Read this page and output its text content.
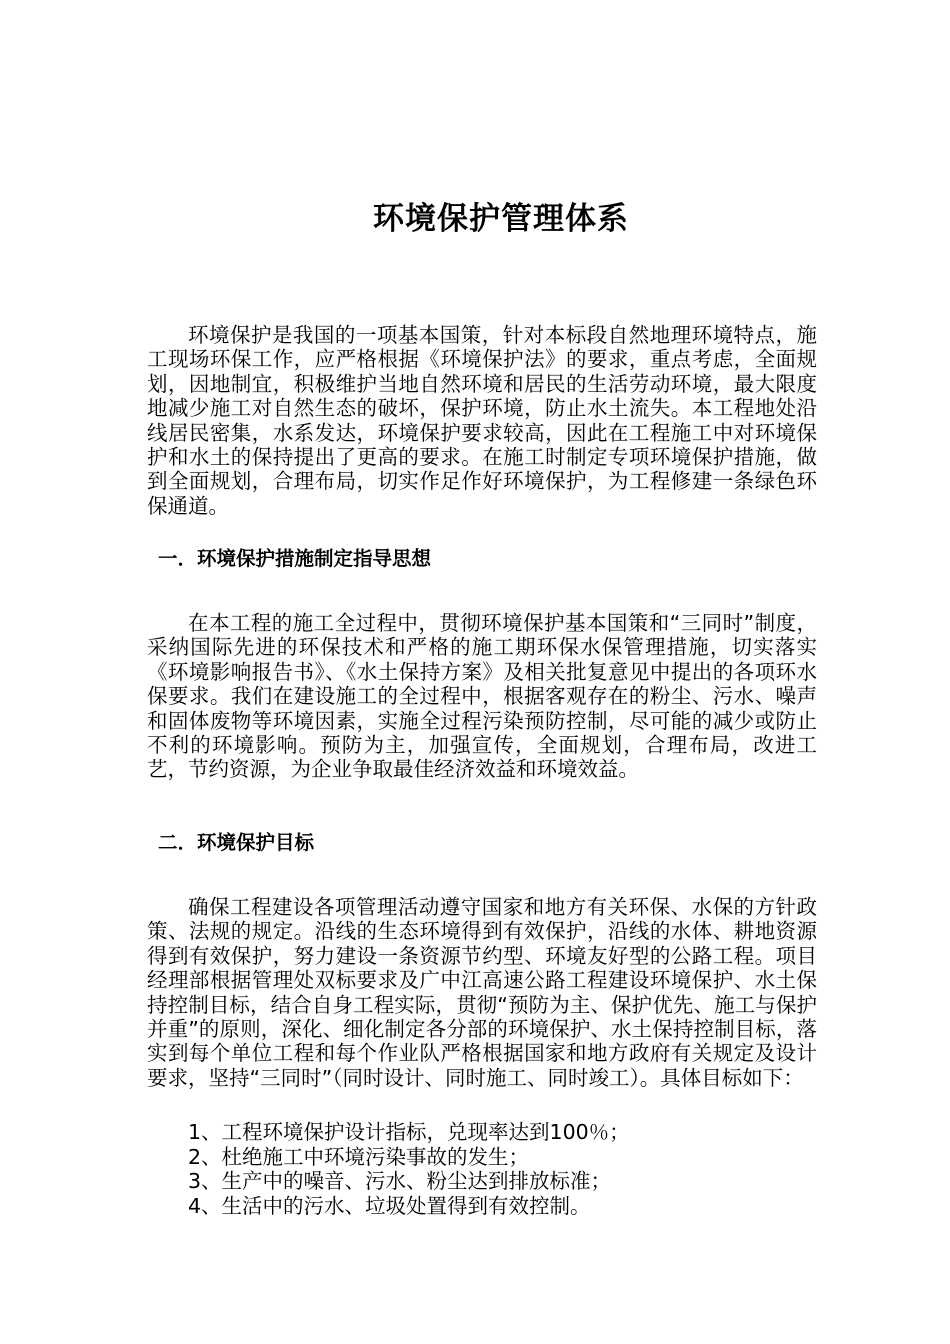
环境保护管理体系

环境保护是我国的一项基本国策，针对本标段自然地理环境特点，施工现场环保工作，应严格根据《环境保护法》的要求，重点考虑，全面规划，因地制宜，积极维护当地自然环境和居民的生活劳动环境，最大限度地减少施工对自然生态的破坏，保护环境，防止水土流失。本工程地处沿线居民密集，水系发达，环境保护要求较高，因此在工程施工中对环境保护和水土的保持提出了更高的要求。在施工时制定专项环境保护措施，做到全面规划，合理布局，切实作足作好环境保护，为工程修建一条绿色环保通道。

一．环境保护措施制定指导思想

在本工程的施工全过程中，贯彻环境保护基本国策和“三同时”制度，采纳国际先进的环保技术和严格的施工期环保水保管理措施，切实落实《环境影响报告书》、《水土保持方案》及相关批复意见中提出的各项环水保要求。我们在建设施工的全过程中，根据客观存在的粉尘、污水、噪声和固体废物等环境因素，实施全过程污染预防控制，尽可能的减少或防止不利的环境影响。预防为主，加强宣传，全面规划，合理布局，改进工艺，节约资源，为企业争取最佳经济效益和环境效益。

二．环境保护目标

确保工程建设各项管理活动遵守国家和地方有关环保、水保的方针政策、法规的规定。沿线的生态环境得到有效保护，沿线的水体、耕地资源得到有效保护，努力建设一条资源节约型、环境友好型的公路工程。项目经理部根据管理处双标要求及广中江高速公路工程建设环境保护、水土保持控制目标，结合自身工程实际，贯彻“预防为主、保护优先、施工与保护并重”的原则，深化、细化制定各分部的环境保护、水土保持控制目标，落实到每个单位工程和每个作业队严格根据国家和地方政府有关规定及设计要求，坚持“三同时”（同时设计、同时施工、同时竣工）。具体目标如下：

1、工程环境保护设计指标，兑现率达到100％；
2、杜绝施工中环境污染事故的发生；
3、生产中的噪音、污水、粉尘达到排放标准；
4、生活中的污水、垃圾处置得到有效控制。
